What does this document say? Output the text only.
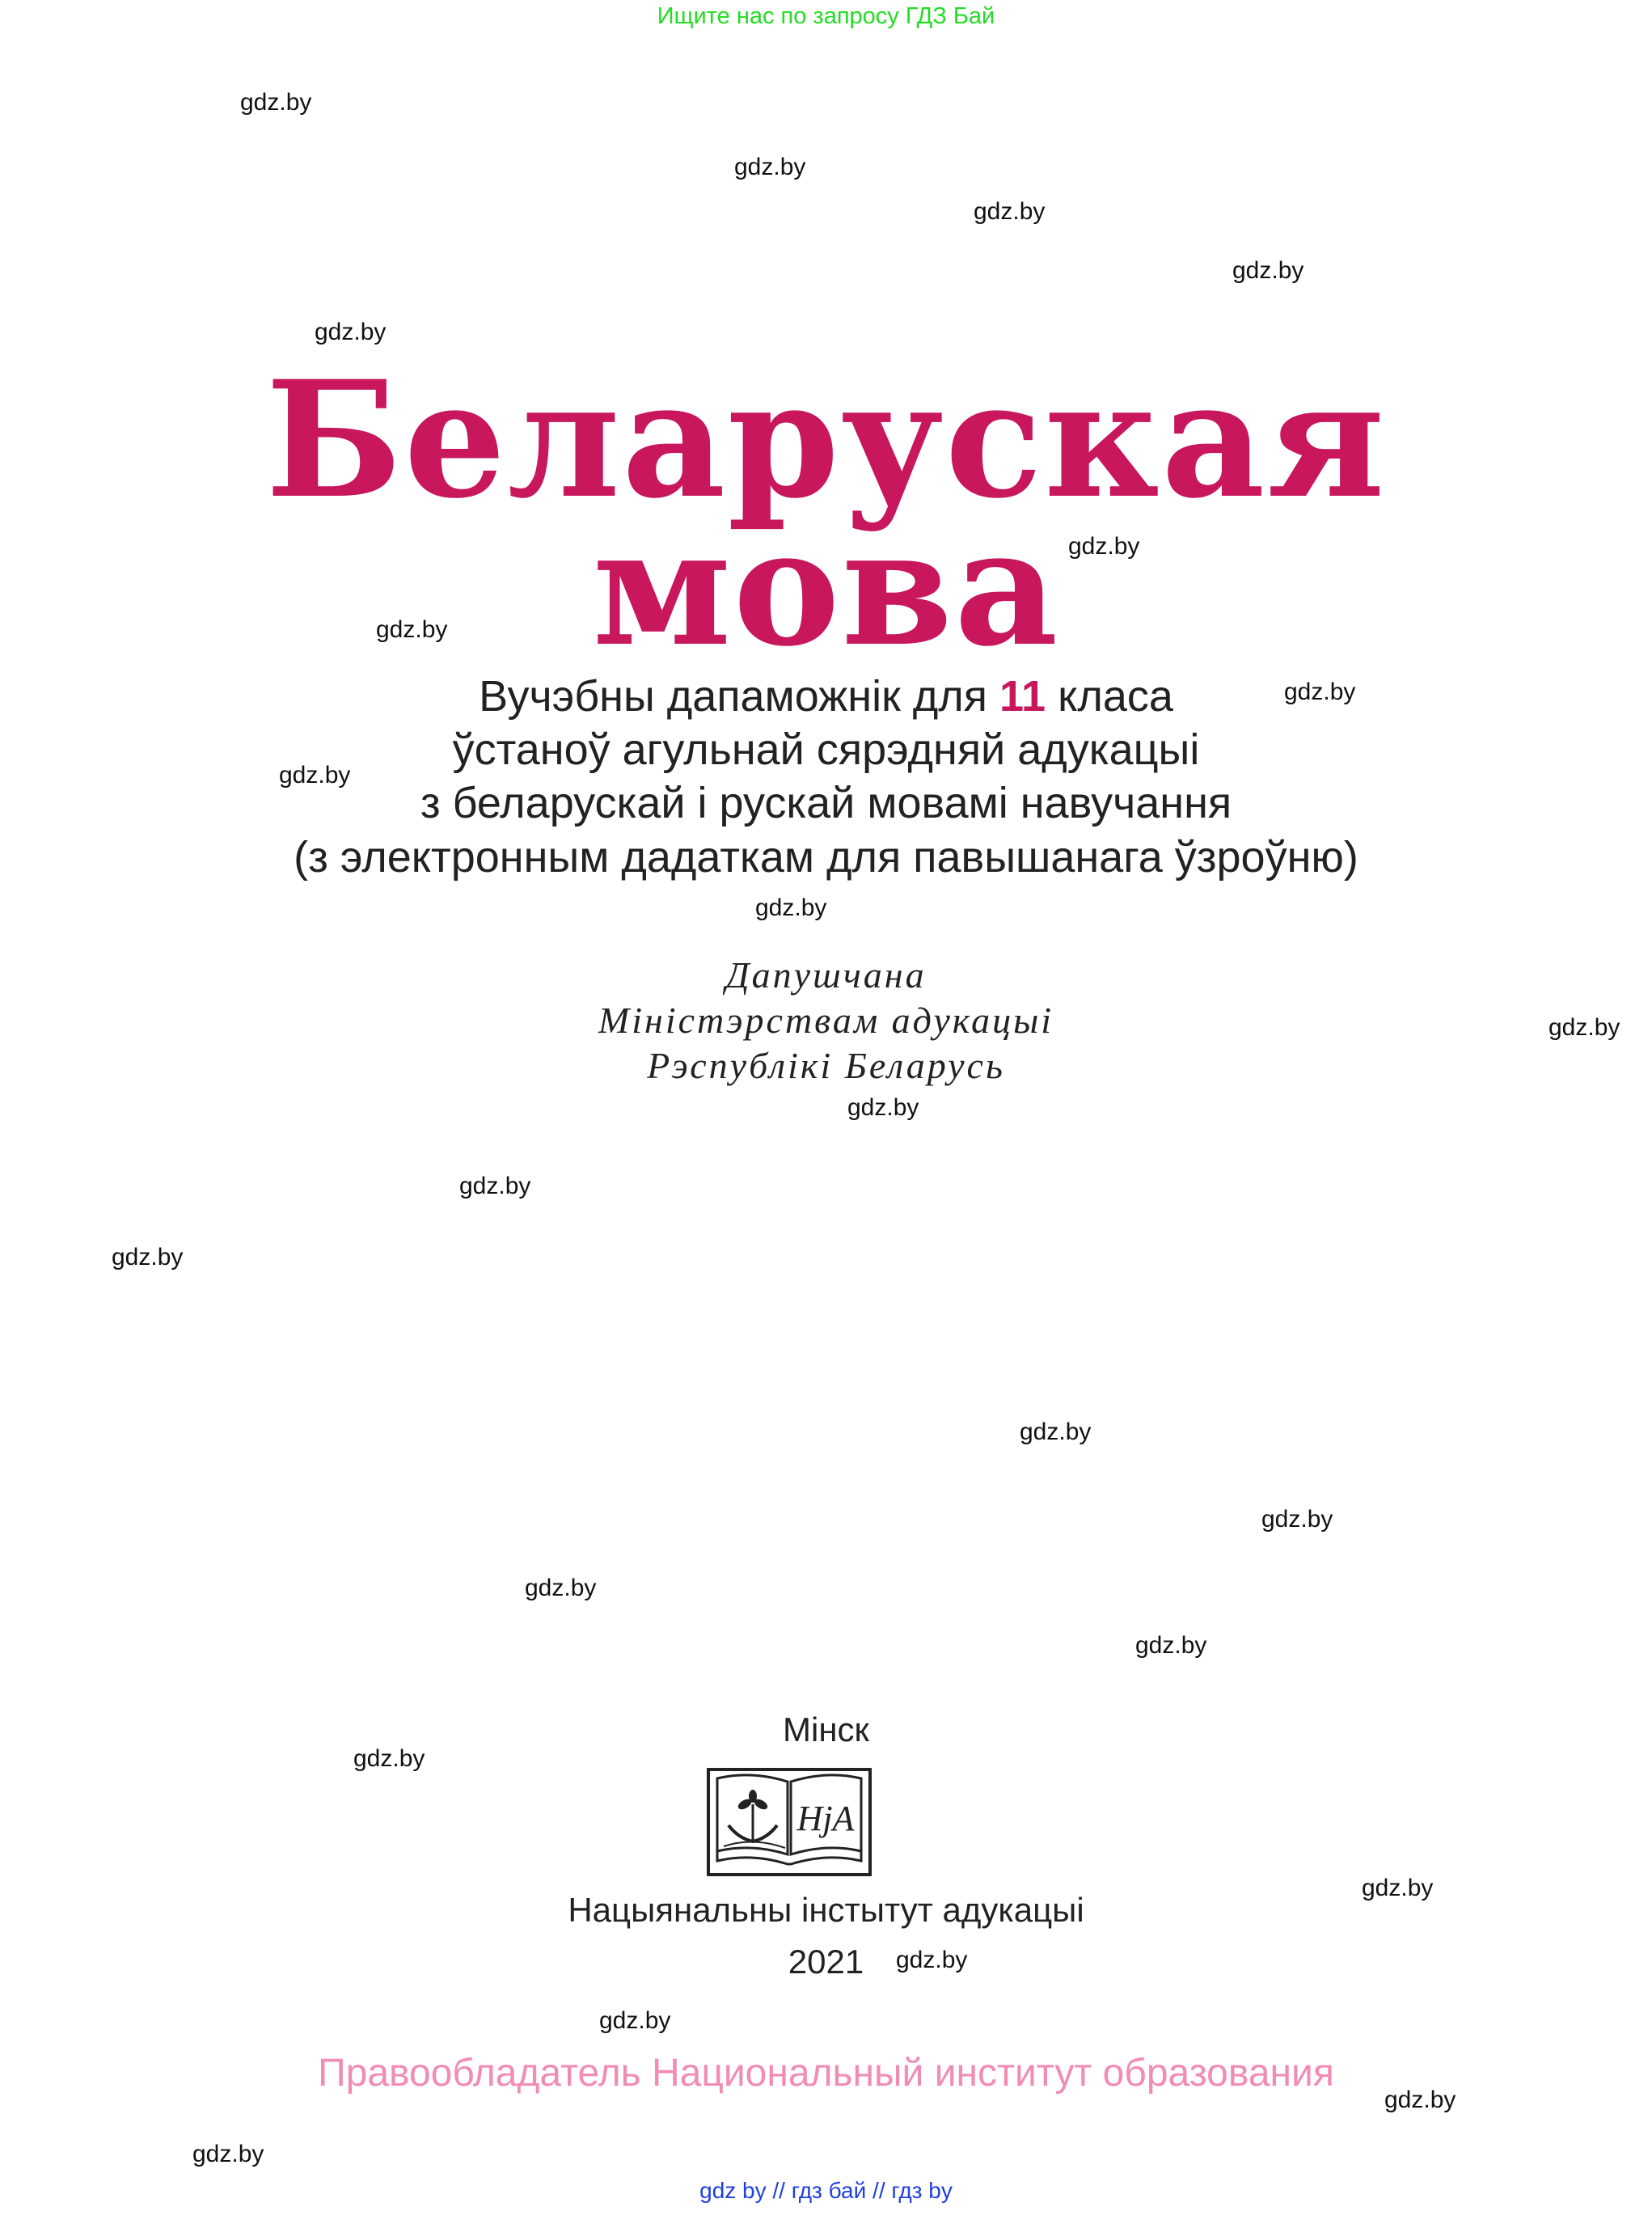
Ищите нас по запросу ГДЗ Бай
gdz.by
gdz.by
gdz.by
gdz.by
gdz.by
gdz.by
gdz.by
gdz.by
gdz.by
gdz.by
gdz.by
gdz.by
gdz.by
gdz.by
gdz.by
gdz.by
gdz.by
gdz.by
gdz.by
gdz.by
gdz.by
gdz.by
gdz.by
gdz.by
Беларуская
мова
Вучэбны дапаможнік для 11 класа
ўстаноў агульнай сярэдняй адукацыі
з беларускай і рускай мовамі навучання
(з электронным дадаткам для павышанага ўзроўню)
Дапушчана
Міністэрствам адукацыі
Рэспублікі Беларусь
Мінск
HjA
Нацыянальны інстытут адукацыі
2021
Правообладатель Национальный институт образования
gdz by // гдз бай // гдз by
